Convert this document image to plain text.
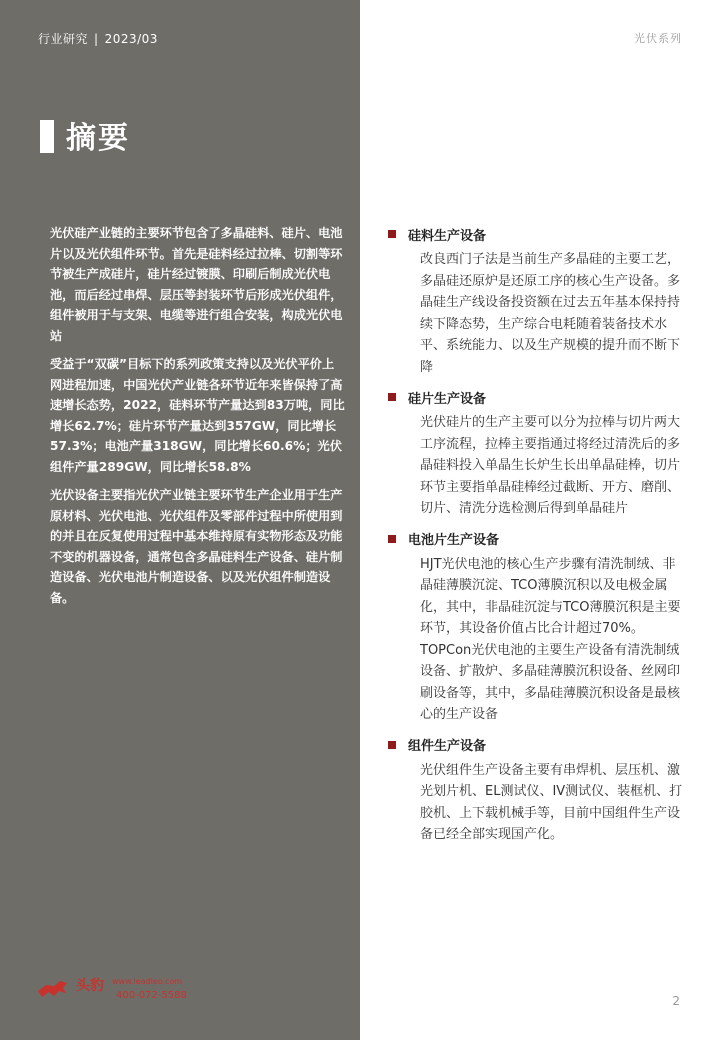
行业研究 | 2023/03	光伏系列
摘要

光伏硅产业链的主要环节包含了多晶硅料、硅片、电池片以及光伏组件环节。首先是硅料经过拉棒、切割等环节被生产成硅片，硅片经过镀膜、印刷后制成光伏电池，而后经过串焊、层压等封装环节后形成光伏组件，组件被用于与支架、电缆等进行组合安装，构成光伏电站

受益于“双碳”目标下的系列政策支持以及光伏平价上网进程加速，中国光伏产业链各环节近年来皆保持了高速增长态势，2022，硅料环节产量达到83万吨，同比增长62.7%；硅片环节产量达到357GW，同比增长57.3%；电池产量318GW，同比增长60.6%；光伏组件产量289GW，同比增长58.8%

光伏设备主要指光伏产业链主要环节生产企业用于生产原材料、光伏电池、光伏组件及零部件过程中所使用到的并且在反复使用过程中基本维持原有实物形态及功能不变的机器设备，通常包含多晶硅料生产设备、硅片制造设备、光伏电池片制造设备、以及光伏组件制造设备。

硅料生产设备
改良西门子法是当前生产多晶硅的主要工艺，多晶硅还原炉是还原工序的核心生产设备。多晶硅生产线设备投资额在过去五年基本保持持续下降态势，生产综合电耗随着装备技术水平、系统能力、以及生产规模的提升而不断下降
硅片生产设备
光伏硅片的生产主要可以分为拉棒与切片两大工序流程，拉棒主要指通过将经过清洗后的多晶硅料投入单晶生长炉生长出单晶硅棒，切片环节主要指单晶硅棒经过截断、开方、磨削、切片、清洗分选检测后得到单晶硅片
电池片生产设备
HJT光伏电池的核心生产步骤有清洗制绒、非晶硅薄膜沉淀、TCO薄膜沉积以及电极金属化，其中，非晶硅沉淀与TCO薄膜沉积是主要环节，其设备价值占比合计超过70%。TOPCon光伏电池的主要生产设备有清洗制绒设备、扩散炉、多晶硅薄膜沉积设备、丝网印刷设备等，其中，多晶硅薄膜沉积设备是最核心的生产设备
组件生产设备
光伏组件生产设备主要有串焊机、层压机、激光划片机、EL测试仪、IV测试仪、装框机、打胶机、上下载机械手等，目前中国组件生产设备已经全部实现国产化。
头豹 www.leadleo.com
400-072-5588	2
